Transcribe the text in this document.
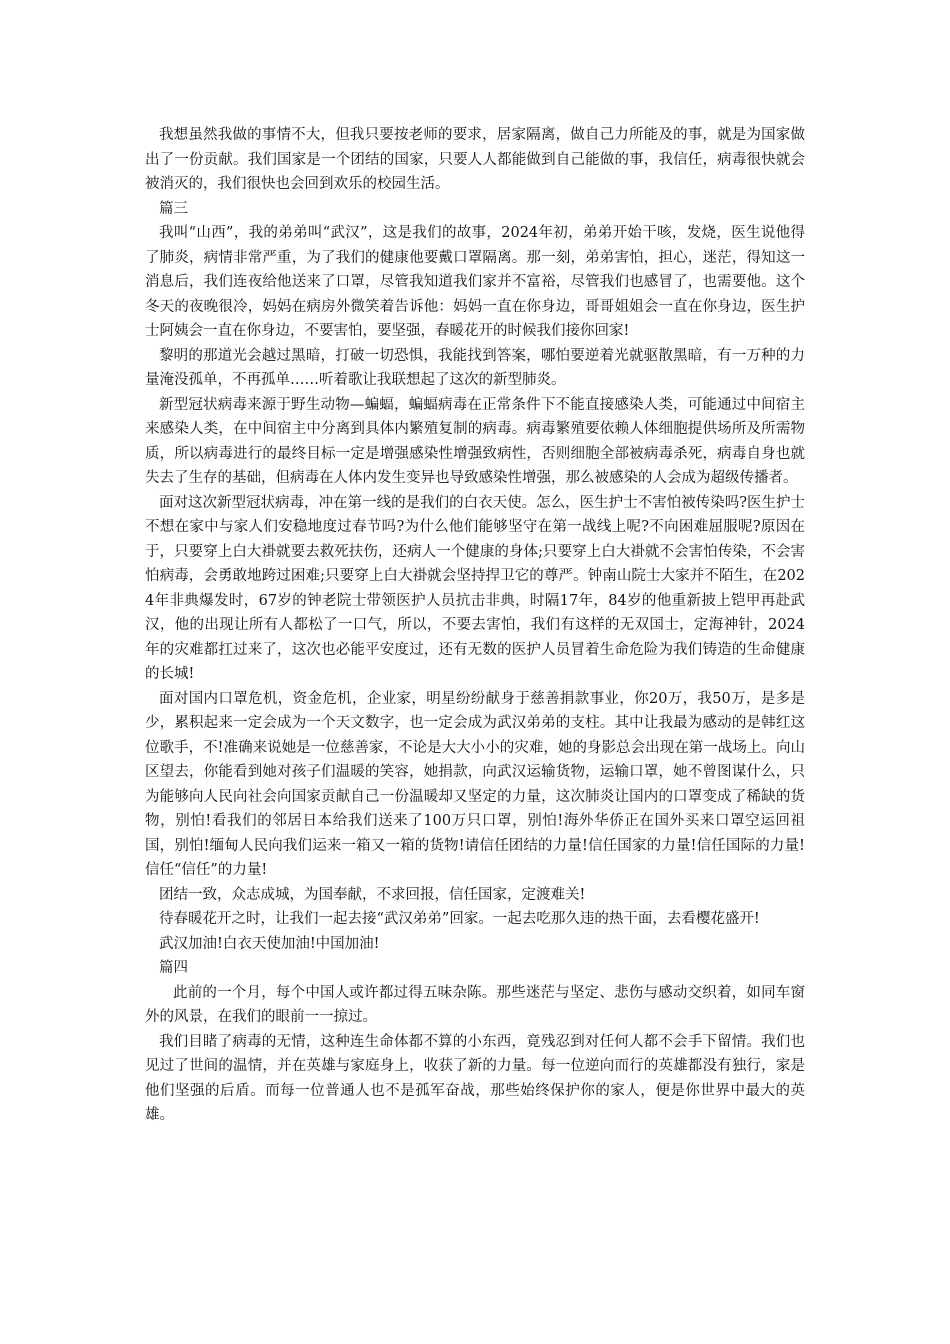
我想虽然我做的事情不大，但我只要按老师的要求，居家隔离，做自己力所能及的事，就是为国家做出了一份贡献。我们国家是一个团结的国家，只要人人都能做到自己能做的事，我信任，病毒很快就会被消灭的，我们很快也会回到欢乐的校园生活。

篇三

我叫“山西”，我的弟弟叫“武汉”，这是我们的故事，2024年初，弟弟开始干咳，发烧，医生说他得了肺炎，病情非常严重，为了我们的健康他要戴口罩隔离。那一刻，弟弟害怕，担心，迷茫，得知这一消息后，我们连夜给他送来了口罩，尽管我知道我们家并不富裕，尽管我们也感冒了，也需要他。这个冬天的夜晚很冷，妈妈在病房外微笑着告诉他：妈妈一直在你身边，哥哥姐姐会一直在你身边，医生护士阿姨会一直在你身边，不要害怕，要坚强，春暖花开的时候我们接你回家!

黎明的那道光会越过黑暗，打破一切恐惧，我能找到答案，哪怕要逆着光就驱散黑暗，有一万种的力量淹没孤单，不再孤单……听着歌让我联想起了这次的新型肺炎。

新型冠状病毒来源于野生动物—蝙蝠，蝙蝠病毒在正常条件下不能直接感染人类，可能通过中间宿主来感染人类，在中间宿主中分离到具体内繁殖复制的病毒。病毒繁殖要依赖人体细胞提供场所及所需物质，所以病毒进行的最终目标一定是增强感染性增强致病性，否则细胞全部被病毒杀死，病毒自身也就失去了生存的基础，但病毒在人体内发生变异也导致感染性增强，那么被感染的人会成为超级传播者。

面对这次新型冠状病毒，冲在第一线的是我们的白衣天使。怎么，医生护士不害怕被传染吗?医生护士不想在家中与家人们安稳地度过春节吗?为什么他们能够坚守在第一战线上呢?不向困难屈服呢?原因在于，只要穿上白大褂就要去救死扶伤，还病人一个健康的身体;只要穿上白大褂就不会害怕传染，不会害怕病毒，会勇敢地跨过困难;只要穿上白大褂就会坚持捍卫它的尊严。钟南山院士大家并不陌生，在2024年非典爆发时，67岁的钟老院士带领医护人员抗击非典，时隔17年，84岁的他重新披上铠甲再赴武汉，他的出现让所有人都松了一口气，所以，不要去害怕，我们有这样的无双国士，定海神针，2024年的灾难都扛过来了，这次也必能平安度过，还有无数的医护人员冒着生命危险为我们铸造的生命健康的长城!

面对国内口罩危机，资金危机，企业家，明星纷纷献身于慈善捐款事业，你20万，我50万，是多是少，累积起来一定会成为一个天文数字，也一定会成为武汉弟弟的支柱。其中让我最为感动的是韩红这位歌手，不!准确来说她是一位慈善家，不论是大大小小的灾难，她的身影总会出现在第一战场上。向山区望去，你能看到她对孩子们温暖的笑容，她捐款，向武汉运输货物，运输口罩，她不曾图谋什么，只为能够向人民向社会向国家贡献自己一份温暖却又坚定的力量，这次肺炎让国内的口罩变成了稀缺的货物，别怕!看我们的邻居日本给我们送来了100万只口罩，别怕!海外华侨正在国外买来口罩空运回祖国，别怕!缅甸人民向我们运来一箱又一箱的货物!请信任团结的力量!信任国家的力量!信任国际的力量!信任“信任”的力量!

团结一致，众志成城，为国奉献，不求回报，信任国家，定渡难关!

待春暖花开之时，让我们一起去接“武汉弟弟”回家。一起去吃那久违的热干面，去看樱花盛开!

武汉加油!白衣天使加油!中国加油!

篇四

此前的一个月，每个中国人或许都过得五味杂陈。那些迷茫与坚定、悲伤与感动交织着，如同车窗外的风景，在我们的眼前一一掠过。

我们目睹了病毒的无情，这种连生命体都不算的小东西，竟残忍到对任何人都不会手下留情。我们也见过了世间的温情，并在英雄与家庭身上，收获了新的力量。每一位逆向而行的英雄都没有独行，家是他们坚强的后盾。而每一位普通人也不是孤军奋战，那些始终保护你的家人，便是你世界中最大的英雄。
